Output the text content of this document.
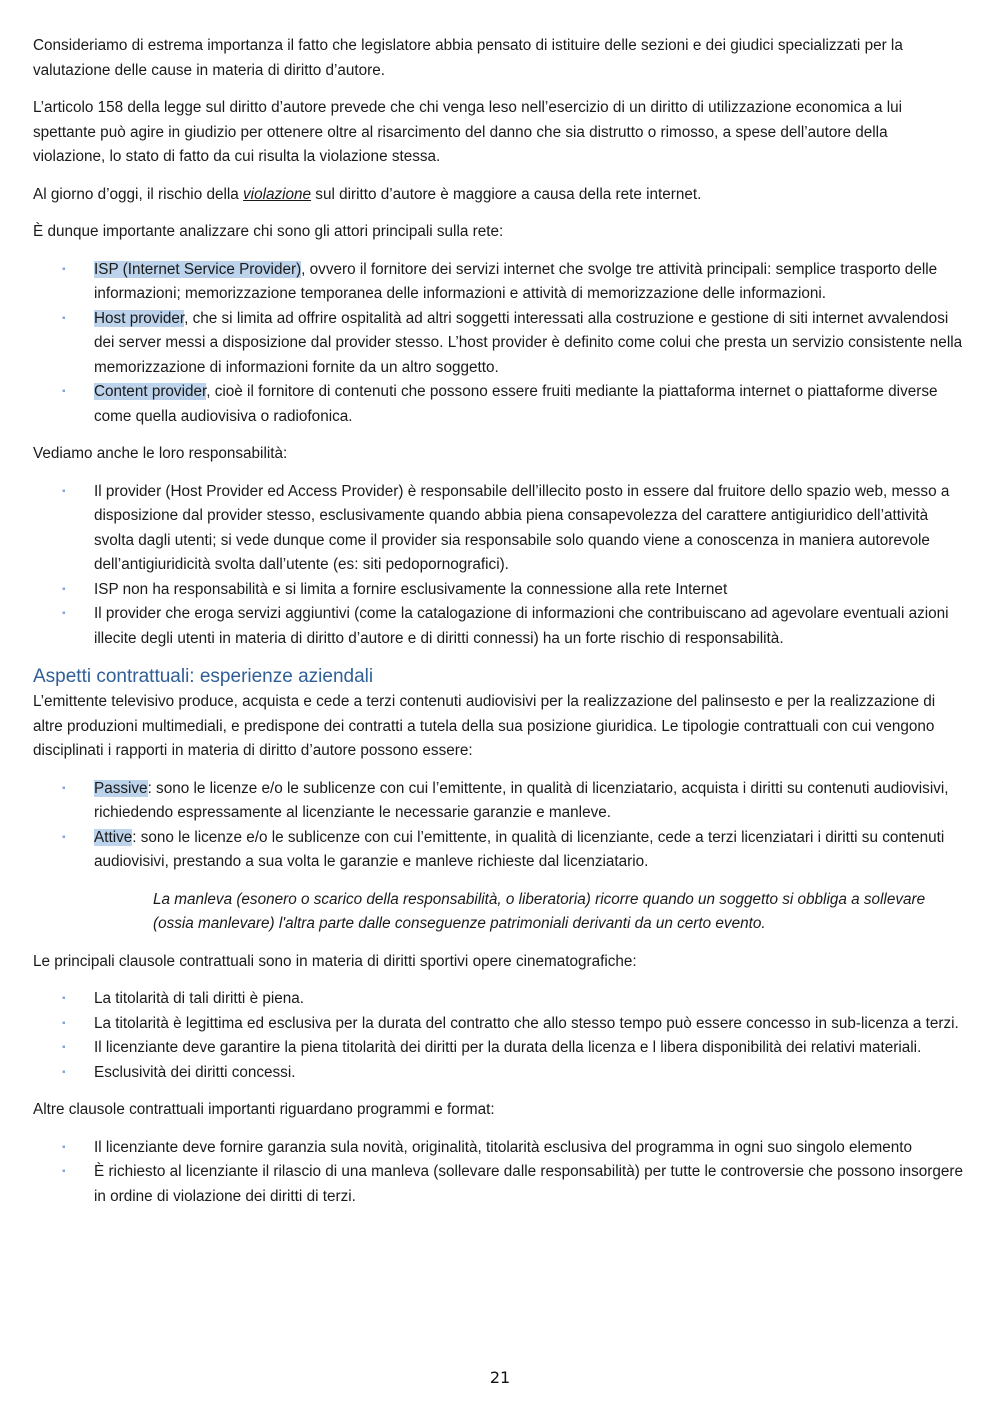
Consideriamo di estrema importanza il fatto che legislatore abbia pensato di istituire delle sezioni e dei giudici specializzati per la valutazione delle cause in materia di diritto d’autore.

L’articolo 158 della legge sul diritto d’autore prevede che chi venga leso nell’esercizio di un diritto di utilizzazione economica a lui spettante può agire in giudizio per ottenere oltre al risarcimento del danno che sia distrutto o rimosso, a spese dell’autore della violazione, lo stato di fatto da cui risulta la violazione stessa.

Al giorno d’oggi, il rischio della violazione sul diritto d’autore è maggiore a causa della rete internet.

È dunque importante analizzare chi sono gli attori principali sulla rete:

▪ ISP (Internet Service Provider), ovvero il fornitore dei servizi internet che svolge tre attività principali: semplice trasporto delle informazioni; memorizzazione temporanea delle informazioni e attività di memorizzazione delle informazioni.
▪ Host provider, che si limita ad offrire ospitalità ad altri soggetti interessati alla costruzione e gestione di siti internet avvalendosi dei server messi a disposizione dal provider stesso. L’host provider è definito come colui che presta un servizio consistente nella memorizzazione di informazioni fornite da un altro soggetto.
▪ Content provider, cioè il fornitore di contenuti che possono essere fruiti mediante la piattaforma internet o piattaforme diverse come quella audiovisiva o radiofonica.

Vediamo anche le loro responsabilità:

▪ Il provider (Host Provider ed Access Provider) è responsabile dell’illecito posto in essere dal fruitore dello spazio web, messo a disposizione dal provider stesso, esclusivamente quando abbia piena consapevolezza del carattere antigiuridico dell’attività svolta dagli utenti; si vede dunque come il provider sia responsabile solo quando viene a conoscenza in maniera autorevole dell’antigiuridicità svolta dall’utente (es: siti pedopornografici).
▪ ISP non ha responsabilità e si limita a fornire esclusivamente la connessione alla rete Internet
▪ Il provider che eroga servizi aggiuntivi (come la catalogazione di informazioni che contribuiscano ad agevolare eventuali azioni illecite degli utenti in materia di diritto d’autore e di diritti connessi) ha un forte rischio di responsabilità.
Aspetti contrattuali: esperienze aziendali

L’emittente televisivo produce, acquista e cede a terzi contenuti audiovisivi per la realizzazione del palinsesto e per la realizzazione di altre produzioni multimediali, e predispone dei contratti a tutela della sua posizione giuridica. Le tipologie contrattuali con cui vengono disciplinati i rapporti in materia di diritto d’autore possono essere:

▪ Passive: sono le licenze e/o le sublicenze con cui l’emittente, in qualità di licenziatario, acquista i diritti su contenuti audiovisivi, richiedendo espressamente al licenziante le necessarie garanzie e manleve.
▪ Attive: sono le licenze e/o le sublicenze con cui l’emittente, in qualità di licenziante, cede a terzi licenziatari i diritti su contenuti audiovisivi, prestando a sua volta le garanzie e manleve richieste dal licenziatario.

La manleva (esonero o scarico della responsabilità, o liberatoria) ricorre quando un soggetto si obbliga a sollevare (ossia manlevare) l'altra parte dalle conseguenze patrimoniali derivanti da un certo evento.

Le principali clausole contrattuali sono in materia di diritti sportivi opere cinematografiche:

▪ La titolarità di tali diritti è piena.
▪ La titolarità è legittima ed esclusiva per la durata del contratto che allo stesso tempo può essere concesso in sub-licenza a terzi.
▪ Il licenziante deve garantire la piena titolarità dei diritti per la durata della licenza e l libera disponibilità dei relativi materiali.
▪ Esclusività dei diritti concessi.

Altre clausole contrattuali importanti riguardano programmi e format:

▪ Il licenziante deve fornire garanzia sula novità, originalità, titolarità esclusiva del programma in ogni suo singolo elemento
▪ È richiesto al licenziante il rilascio di una manleva (sollevare dalle responsabilità) per tutte le controversie che possono insorgere in ordine di violazione dei diritti di terzi.
21
